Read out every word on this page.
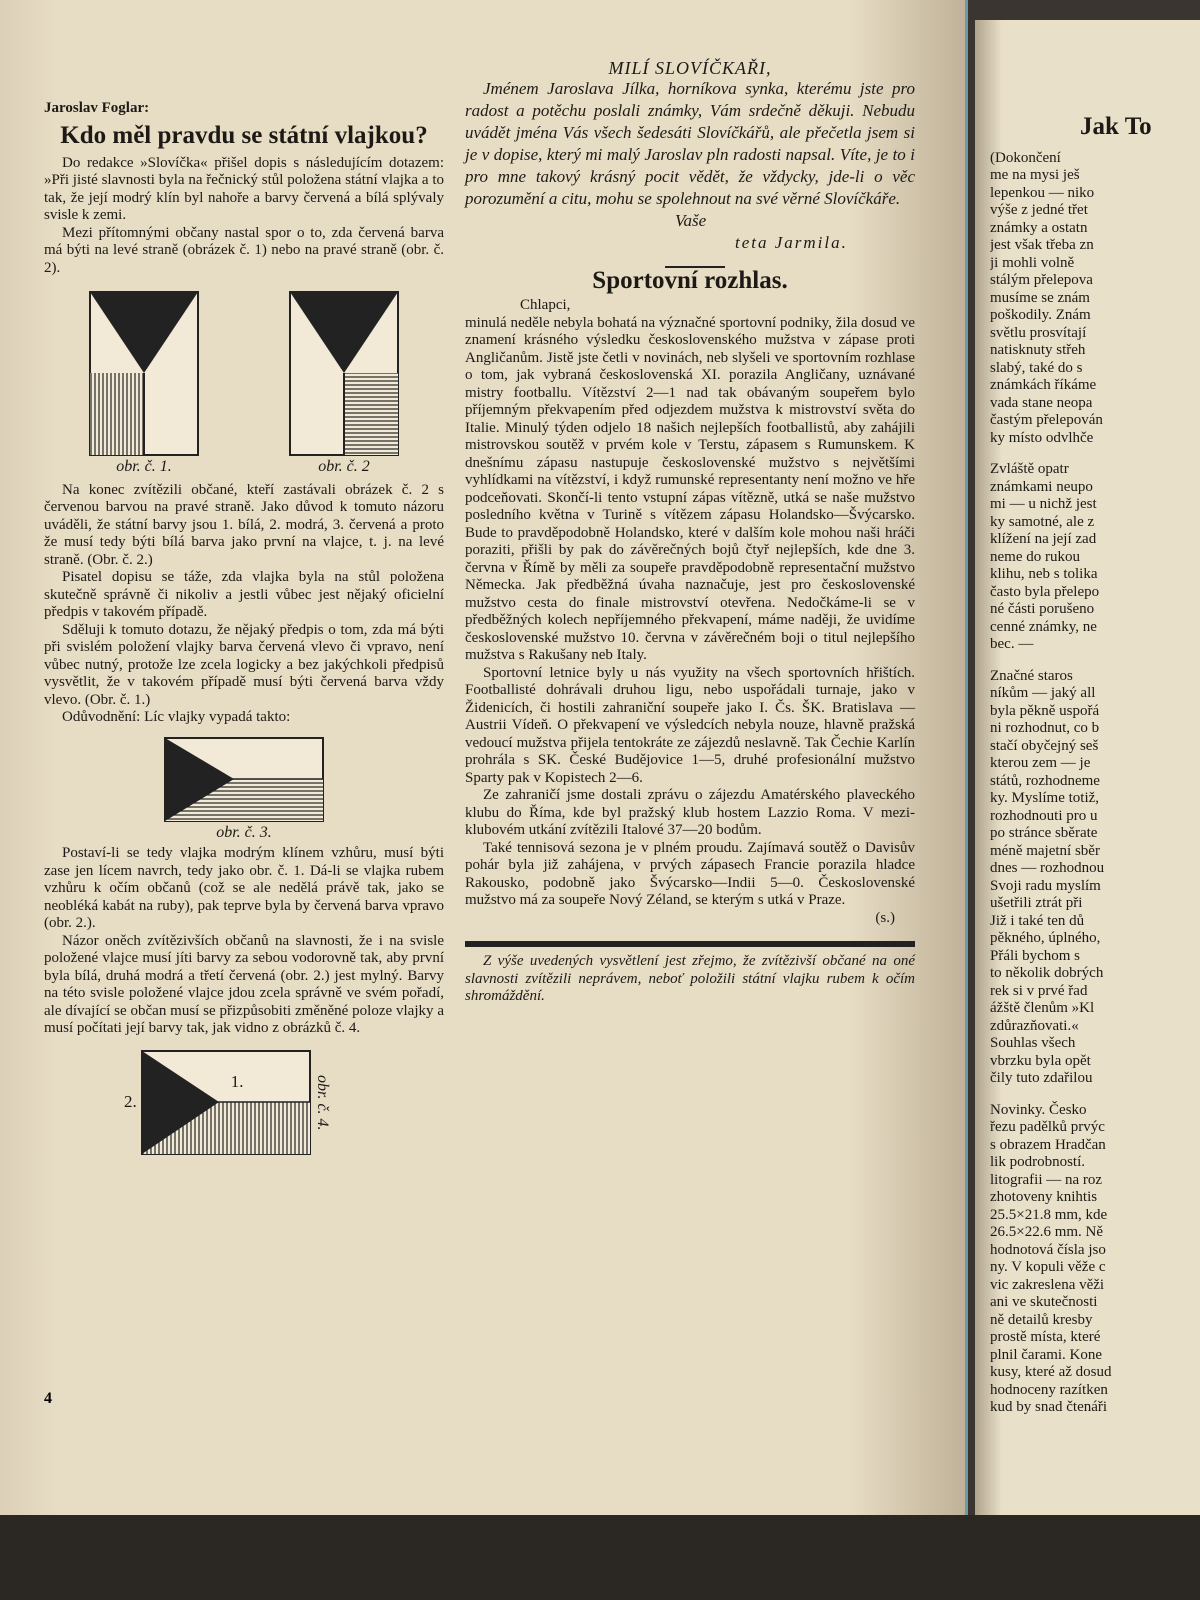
Jaroslav Foglar:
Kdo měl pravdu se státní vlajkou?

Do redakce »Slovíčka« přišel dopis s následujícím dotazem: »Při jisté slavnosti byla na řečnický stůl položena státní vlajka a to tak, že její modrý klín byl nahoře a barvy červená a bílá splývaly svisle k zemi.

Mezi přítomnými občany nastal spor o to, zda červená barva má býti na levé straně (obrázek č. 1) nebo na pravé straně (obr. č. 2).

obr. č. 1.	obr. č. 2

Na konec zvítězili občané, kteří zastávali obrázek č. 2 s červenou barvou na pravé straně. Jako důvod k tomuto názoru uváděli, že státní barvy jsou 1. bílá, 2. modrá, 3. červená a proto že musí tedy býti bílá barva jako první na vlajce, t. j. na levé straně. (Obr. č. 2.)

Pisatel dopisu se táže, zda vlajka byla na stůl položena skutečně správně či nikoliv a jestli vůbec jest nějaký oficielní předpis v takovém případě.

Sděluji k tomuto dotazu, že nějaký předpis o tom, zda má býti při svislém položení vlajky barva červená vlevo či vpravo, není vůbec nutný, protože lze zcela logicky a bez jakýchkoli předpisů vysvětlit, že v takovém případě musí býti červená barva vždy vlevo. (Obr. č. 1.)

Odůvodnění: Líc vlajky vypadá takto:

obr. č. 3.

Postaví-li se tedy vlajka modrým klínem vzhůru, musí býti zase jen lícem navrch, tedy jako obr. č. 1. Dá-li se vlajka rubem vzhůru k očím občanů (což se ale nedělá právě tak, jako se neobléká kabát na ruby), pak teprve byla by červená barva vpravo (obr. 2.).

Názor oněch zvítězivších občanů na slavnosti, že i na svisle položené vlajce musí jíti barvy za sebou vodorovně tak, aby první byla bílá, druhá modrá a třetí červená (obr. 2.) jest mylný. Barvy na této svisle položené vlajce jdou zcela správně ve svém pořadí, ale dívající se občan musí se přizpůsobiti změněné poloze vlajky a musí počítati její barvy tak, jak vidno z obrázků č. 4.

2.
1.	obr. č. 4.
4
MILÍ SLOVÍČKAŘI,

Jménem Jaroslava Jílka, horníkova synka, kterému jste pro radost a potěchu poslali známky, Vám srdečně děkuji. Nebudu uvádět jména Vás všech šedesáti Slovíčkářů, ale přečetla jsem si je v dopise, který mi malý Jaroslav pln radosti napsal. Víte, je to i pro mne takový krásný pocit vědět, že vždycky, jde-li o věc porozumění a citu, mohu se spolehnout na své věrné Slovíčkáře.

Vaše
teta Jarmila.
Sportovní rozhlas.
Chlapci,

minulá neděle nebyla bohatá na význačné sportovní podniky, žila dosud ve znamení krásného výsledku československého mužstva v zápase proti Angličanům. Jistě jste četli v novinách, neb slyšeli ve sportovním rozhlase o tom, jak vybraná československá XI. porazila Angličany, uznávané mistry footballu. Vítězství 2—1 nad tak obávaným soupeřem bylo příjemným překvapením před odjezdem mužstva k mistrovství světa do Italie. Minulý týden odjelo 18 našich nejlepších footballistů, aby zahájili mistrovskou soutěž v prvém kole v Terstu, zápasem s Rumunskem. K dnešnímu zápasu nastupuje československé mužstvo s největšími vyhlídkami na vítězství, i když rumunské representanty není možno ve hře podceňovati. Skončí-li tento vstupní zápas vítězně, utká se naše mužstvo posledního května v Turině s vítězem zápasu Holandsko—Švýcarsko. Bude to pravděpodobně Holandsko, které v dalším kole mohou naši hráči poraziti, přišli by pak do závěrečných bojů čtyř nejlepších, kde dne 3. června v Římě by měli za soupeře pravděpodobně representační mužstvo Německa. Jak předběžná úvaha naznačuje, jest pro československé mužstvo cesta do finale mistrovství otevřena. Nedočkáme-li se v předběžných kolech nepříjemného překvapení, máme naději, že uvidíme československé mužstvo 10. června v závěrečném boji o titul nejlepšího mužstva s Rakušany neb Italy.

Sportovní letnice byly u nás využity na všech sportovních hřištích. Footballisté dohrávali druhou ligu, nebo uspořádali turnaje, jako v Židenicích, či hostili zahraniční soupeře jako I. Čs. ŠK. Bratislava — Austrii Vídeň. O překvapení ve výsledcích nebyla nouze, hlavně pražská vedoucí mužstva přijela tentokráte ze zájezdů neslavně. Tak Čechie Karlín prohrála s SK. České Budějovice 1—5, druhé profesionální mužstvo Sparty pak v Kopistech 2—6.

Ze zahraničí jsme dostali zprávu o zájezdu Amatérského plaveckého klubu do Říma, kde byl pražský klub hostem Lazzio Roma. V mezi-klubovém utkání zvítězili Italové 37—20 bodům.

Také tennisová sezona je v plném proudu. Zajímavá soutěž o Davisův pohár byla již zahájena, v prvých zápasech Francie porazila hladce Rakousko, podobně jako Švýcarsko—Indii 5—0. Československé mužstvo má za soupeře Nový Zéland, se kterým s utká v Praze.

(s.)

Z výše uvedených vysvětlení jest zřejmo, že zvítězivší občané na oné slavnosti zvítězili neprávem, neboť položili státní vlajku rubem k očím shromáždění.

Jak To

(Dokončení

me na mysi ješ

lepenkou — niko

výše z jedné třet

známky a ostatn

jest však třeba zn

ji mohli volně

stálým přelepova

musíme se znám

poškodily. Znám

světlu prosvítají

natisknuty střeh

slabý, také do s

známkách říkáme

vada stane neopa

častým přelepován

ky místo odvlhče

Zvláště opatr

známkami neupo

mi — u nichž jest

ky samotné, ale z

klížení na její zad

neme do rukou

klihu, neb s tolika

často byla přelepo

né části porušeno

cenné známky, ne

bec. —

Značné staros

níkům — jaký all

byla pěkně uspořá

ni rozhodnut, co b

stačí obyčejný seš

kterou zem — je

států, rozhodneme

ky. Myslíme totiž,

rozhodnouti pro u

po stránce sběrate

méně majetní sběr

dnes — rozhodnou

Svoji radu myslím

ušetřili ztrát při

Již i také ten dů

pěkného, úplného,

Přáli bychom s

to několik dobrých

rek si v prvé řad

ážště členům »Kl

zdůrazňovati.«

Souhlas všech

vbrzku byla opět

čily tuto zdařilou

Novinky. Česko

řezu padělků prvýc

s obrazem Hradčan

lik podrobností.

litografii — na roz

zhotoveny knihtis

25.5×21.8 mm, kde

26.5×22.6 mm. Ně

hodnotová čísla jso

ny. V kopuli věže c

vic zakreslena věži

ani ve skutečnosti

ně detailů kresby

prostě místa, které

plnil čarami. Kone

kusy, které až dosud

hodnoceny razítken

kud by snad čtenáři
